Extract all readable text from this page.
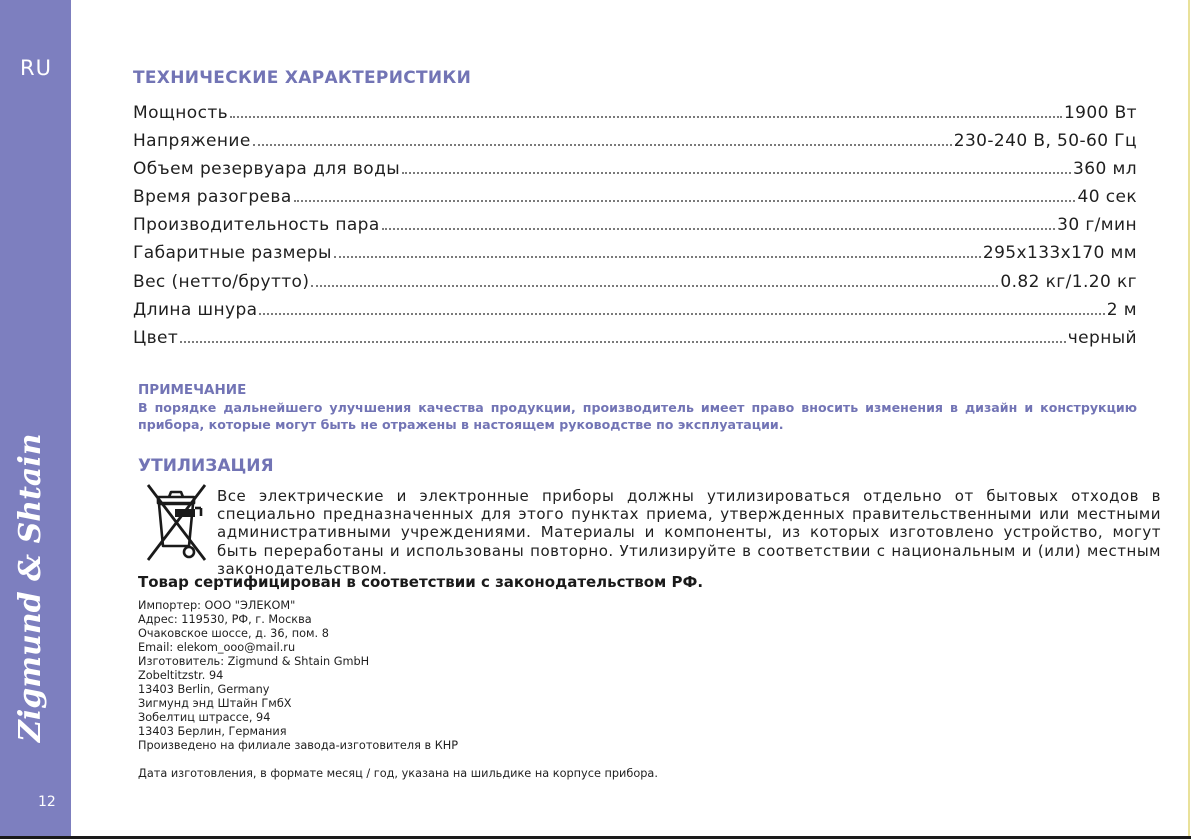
RU
Zigmund & Shtain
12
ТЕХНИЧЕСКИЕ ХАРАКТЕРИСТИКИ
Мощность	1900 Вт
Напряжение	230-240 В, 50-60 Гц
Объем резервуара для воды	360 мл
Время разогрева	40 сек
Производительность пара	30 г/мин
Габаритные размеры	295x133x170 мм
Вес (нетто/брутто)	0.82 кг/1.20 кг
Длина шнура	2 м
Цвет	черный
ПРИМЕЧАНИЕ

В порядке дальнейшего улучшения качества продукции, производитель имеет право вносить изменения в дизайн и конструкцию прибора, которые могут быть не отражены в настоящем руководстве по эксплуатации.

УТИЛИЗАЦИЯ

Все электрические и электронные приборы должны утилизироваться отдельно от бытовых отходов в специально предназначенных для этого пунктах приема, утвержденных правительственными или местными административными учреждениями. Материалы и компоненты, из которых изготовлено устройство, могут быть переработаны и использованы повторно. Утилизируйте в соответствии с национальным и (или) местным законодательством.

Товар сертифицирован в соответствии с законодательством РФ.
Импортер: ООО "ЭЛЕКОМ"
Адрес: 119530, РФ, г. Москва
Очаковское шоссе, д. 36, пом. 8
Email: elekom_ooo@mail.ru
Изготовитель: Zigmund & Shtain GmbH
Zobeltitzstr. 94
13403 Berlin, Germany
Зигмунд энд Штайн ГмбХ
Зобелтиц штрассе, 94
13403 Берлин, Германия
Произведено на филиале завода-изготовителя в КНР
Дата изготовления, в формате месяц / год, указана на шильдике на корпусе прибора.
